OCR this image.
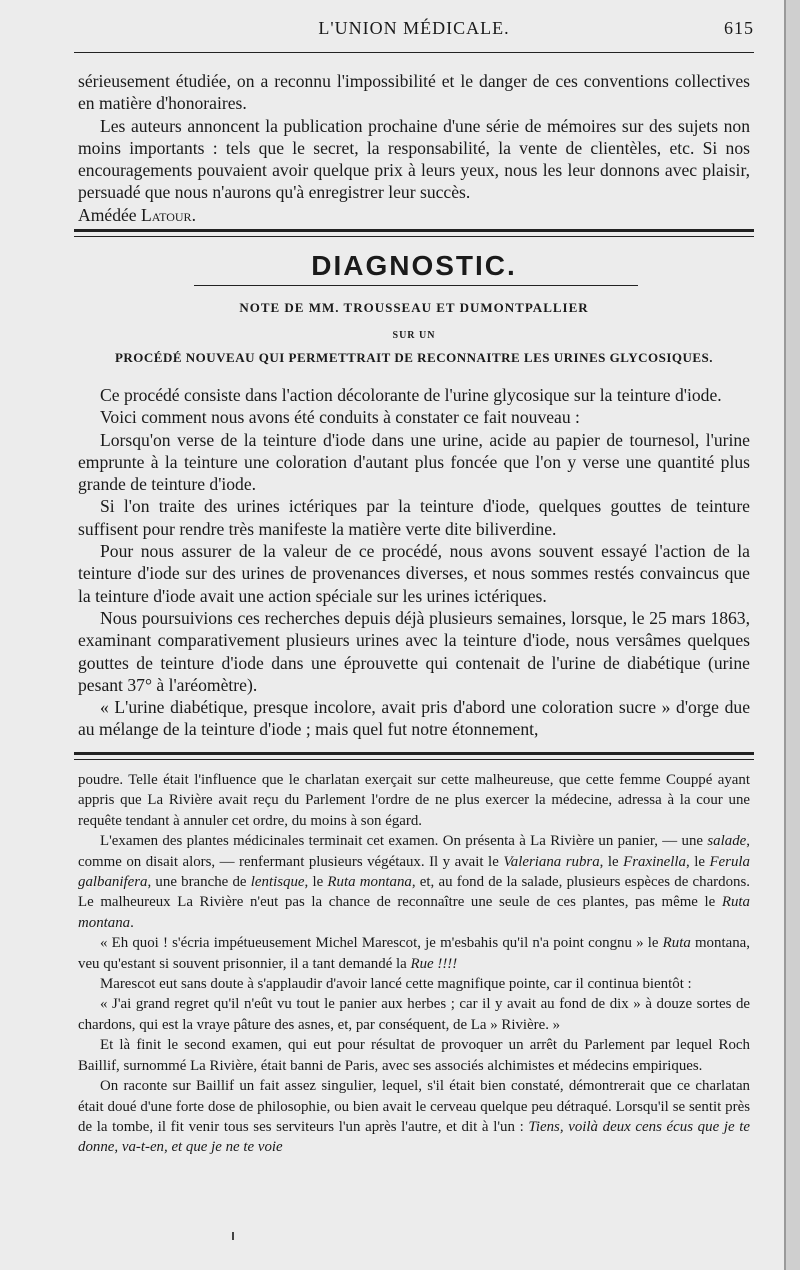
L'UNION MÉDICALE.	615

sérieusement étudiée, on a reconnu l'impossibilité et le danger de ces conventions collectives en matière d'honoraires.

Les auteurs annoncent la publication prochaine d'une série de mémoires sur des sujets non moins importants : tels que le secret, la responsabilité, la vente de clientèles, etc. Si nos encouragements pouvaient avoir quelque prix à leurs yeux, nous les leur donnons avec plaisir, persuadé que nous n'aurons qu'à enregistrer leur succès.

Amédée Latour.

DIAGNOSTIC.
NOTE DE MM. TROUSSEAU ET DUMONTPALLIER
SUR UN
PROCÉDÉ NOUVEAU QUI PERMETTRAIT DE RECONNAITRE LES URINES GLYCOSIQUES.

Ce procédé consiste dans l'action décolorante de l'urine glycosique sur la teinture d'iode.

Voici comment nous avons été conduits à constater ce fait nouveau :

Lorsqu'on verse de la teinture d'iode dans une urine, acide au papier de tournesol, l'urine emprunte à la teinture une coloration d'autant plus foncée que l'on y verse une quantité plus grande de teinture d'iode.

Si l'on traite des urines ictériques par la teinture d'iode, quelques gouttes de teinture suffisent pour rendre très manifeste la matière verte dite biliverdine.

Pour nous assurer de la valeur de ce procédé, nous avons souvent essayé l'action de la teinture d'iode sur des urines de provenances diverses, et nous sommes restés convaincus que la teinture d'iode avait une action spéciale sur les urines ictériques.

Nous poursuivions ces recherches depuis déjà plusieurs semaines, lorsque, le 25 mars 1863, examinant comparativement plusieurs urines avec la teinture d'iode, nous versâmes quelques gouttes de teinture d'iode dans une éprouvette qui contenait de l'urine de diabétique (urine pesant 37° à l'aréomètre).

« L'urine diabétique, presque incolore, avait pris d'abord une coloration sucre » d'orge due au mélange de la teinture d'iode ; mais quel fut notre étonnement,

poudre. Telle était l'influence que le charlatan exerçait sur cette malheureuse, que cette femme Couppé ayant appris que La Rivière avait reçu du Parlement l'ordre de ne plus exercer la médecine, adressa à la cour une requête tendant à annuler cet ordre, du moins à son égard.

L'examen des plantes médicinales terminait cet examen. On présenta à La Rivière un panier, — une salade, comme on disait alors, — renfermant plusieurs végétaux. Il y avait le Valeriana rubra, le Fraxinella, le Ferula galbanifera, une branche de lentisque, le Ruta montana, et, au fond de la salade, plusieurs espèces de chardons. Le malheureux La Rivière n'eut pas la chance de reconnaître une seule de ces plantes, pas même le Ruta montana.

« Eh quoi ! s'écria impétueusement Michel Marescot, je m'esbahis qu'il n'a point congnu » le Ruta montana, veu qu'estant si souvent prisonnier, il a tant demandé la Rue !!!!

Marescot eut sans doute à s'applaudir d'avoir lancé cette magnifique pointe, car il continua bientôt :

« J'ai grand regret qu'il n'eût vu tout le panier aux herbes ; car il y avait au fond de dix » à douze sortes de chardons, qui est la vraye pâture des asnes, et, par conséquent, de La » Rivière. »

Et là finit le second examen, qui eut pour résultat de provoquer un arrêt du Parlement par lequel Roch Baillif, surnommé La Rivière, était banni de Paris, avec ses associés alchimistes et médecins empiriques.

On raconte sur Baillif un fait assez singulier, lequel, s'il était bien constaté, démontrerait que ce charlatan était doué d'une forte dose de philosophie, ou bien avait le cerveau quelque peu détraqué. Lorsqu'il se sentit près de la tombe, il fit venir tous ses serviteurs l'un après l'autre, et dit à l'un : Tiens, voilà deux cens écus que je te donne, va-t-en, et que je ne te voie
